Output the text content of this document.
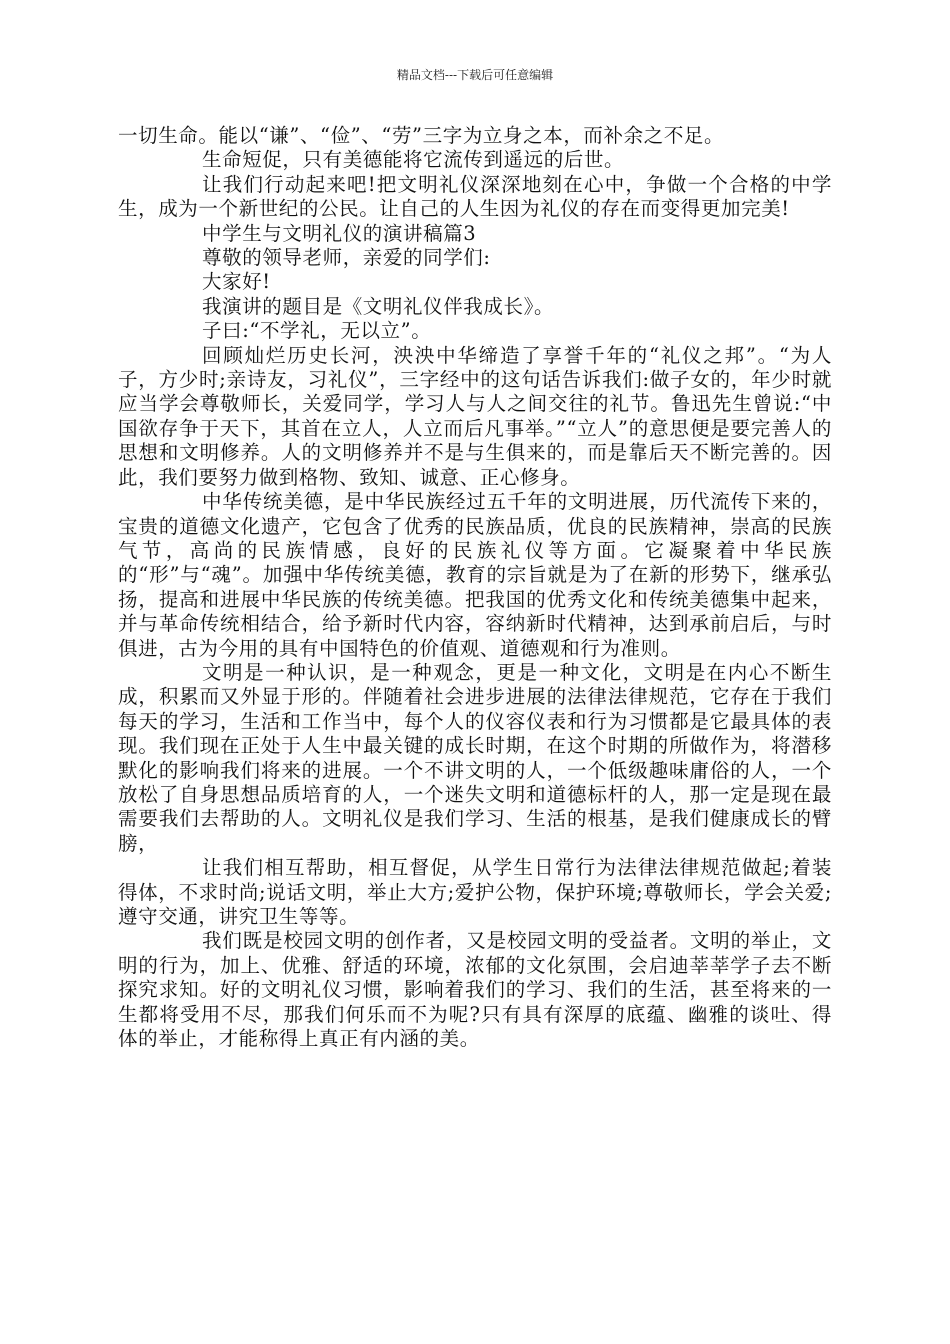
精品文档---下载后可任意编辑

一切生命。能以“谦”、“俭”、“劳”三字为立身之本，而补余之不足。

生命短促，只有美德能将它流传到遥远的后世。

让我们行动起来吧!把文明礼仪深深地刻在心中，争做一个合格的中学生，成为一个新世纪的公民。让自己的人生因为礼仪的存在而变得更加完美!

中学生与文明礼仪的演讲稿篇3

尊敬的领导老师，亲爱的同学们:

大家好!

我演讲的题目是《文明礼仪伴我成长》。

子曰:“不学礼，无以立”。

回顾灿烂历史长河，泱泱中华缔造了享誉千年的“礼仪之邦”。“为人子，方少时;亲诗友，习礼仪”，三字经中的这句话告诉我们:做子女的，年少时就应当学会尊敬师长，关爱同学，学习人与人之间交往的礼节。鲁迅先生曾说:“中国欲存争于天下，其首在立人，人立而后凡事举。”“立人”的意思便是要完善人的思想和文明修养。人的文明修养并不是与生俱来的，而是靠后天不断完善的。因此，我们要努力做到格物、致知、诚意、正心修身。

中华传统美德，是中华民族经过五千年的文明进展，历代流传下来的，宝贵的道德文化遗产，它包含了优秀的民族品质，优良的民族精神，崇高的民族气节，高尚的民族情感，良好的民族礼仪等方面。它凝聚着中华民族的“形”与“魂”。加强中华传统美德，教育的宗旨就是为了在新的形势下，继承弘扬，提高和进展中华民族的传统美德。把我国的优秀文化和传统美德集中起来，并与革命传统相结合，给予新时代内容，容纳新时代精神，达到承前启后，与时俱进，古为今用的具有中国特色的价值观、道德观和行为准则。

文明是一种认识，是一种观念，更是一种文化，文明是在内心不断生成，积累而又外显于形的。伴随着社会进步进展的法律法律规范，它存在于我们每天的学习，生活和工作当中，每个人的仪容仪表和行为习惯都是它最具体的表现。我们现在正处于人生中最关键的成长时期，在这个时期的所做作为，将潜移默化的影响我们将来的进展。一个不讲文明的人，一个低级趣味庸俗的人，一个放松了自身思想品质培育的人，一个迷失文明和道德标杆的人，那一定是现在最需要我们去帮助的人。文明礼仪是我们学习、生活的根基，是我们健康成长的臂膀，

让我们相互帮助，相互督促，从学生日常行为法律法律规范做起;着装得体，不求时尚;说话文明，举止大方;爱护公物，保护环境;尊敬师长，学会关爱;遵守交通，讲究卫生等等。

我们既是校园文明的创作者，又是校园文明的受益者。文明的举止，文明的行为，加上、优雅、舒适的环境，浓郁的文化氛围，会启迪莘莘学子去不断探究求知。好的文明礼仪习惯，影响着我们的学习、我们的生活，甚至将来的一生都将受用不尽，那我们何乐而不为呢?只有具有深厚的底蕴、幽雅的谈吐、得体的举止，才能称得上真正有内涵的美。
